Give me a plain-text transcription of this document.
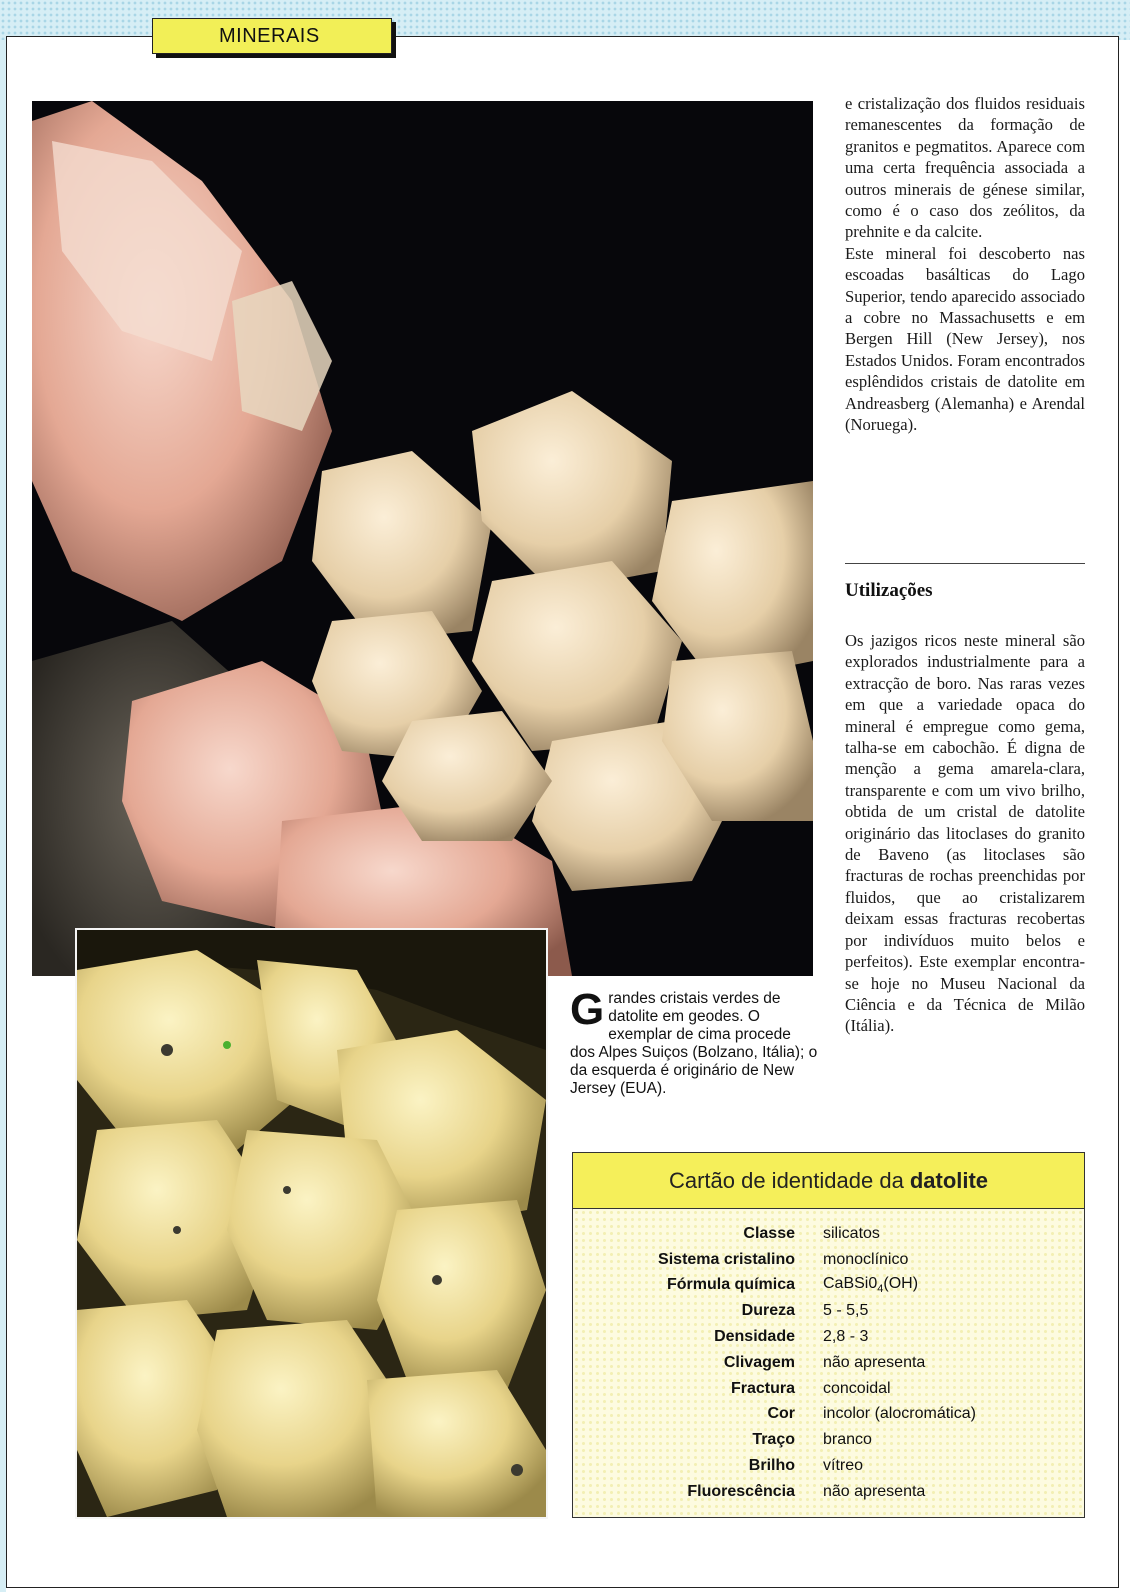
MINERAIS
G randes cristais verdes de datolite em geodes. O exemplar de cima procede dos Alpes Suiços (Bolzano, Itália); o da esquerda é originário de New Jersey (EUA).

e cristalização dos fluidos residuais remanescentes da formação de granitos e pegmatitos. Aparece com uma certa frequência associada a outros minerais de génese similar, como é o caso dos zeólitos, da prehnite e da calcite.

Este mineral foi descoberto nas escoadas basálticas do Lago Superior, tendo aparecido associado a cobre no Massachusetts e em Bergen Hill (New Jersey), nos Estados Unidos. Foram encontrados esplêndidos cristais de datolite em Andreasberg (Alemanha) e Arendal (Noruega).

Utilizações

Os jazigos ricos neste mineral são explorados industrialmente para a extracção de boro. Nas raras vezes em que a variedade opaca do mineral é empregue como gema, talha-se em cabochão. É digna de menção a gema amarela-clara, transparente e com um vivo brilho, obtida de um cristal de datolite originário das litoclases do granito de Baveno (as litoclases são fracturas de rochas preenchidas por fluidos, que ao cristalizarem deixam essas fracturas recobertas por indivíduos muito belos e perfeitos). Este exemplar encontra-se hoje no Museu Nacional da Ciência e da Técnica de Milão (Itália).

Cartão de identidade da datolite
Classe	silicatos
Sistema cristalino	monoclínico
Fórmula química	$CaBSi0_4(OH)$
Dureza	5 - 5,5
Densidade	2,8 - 3
Clivagem	não apresenta
Fractura	concoidal
Cor	incolor (alocromática)
Traço	branco
Brilho	vítreo
Fluorescência	não apresenta
